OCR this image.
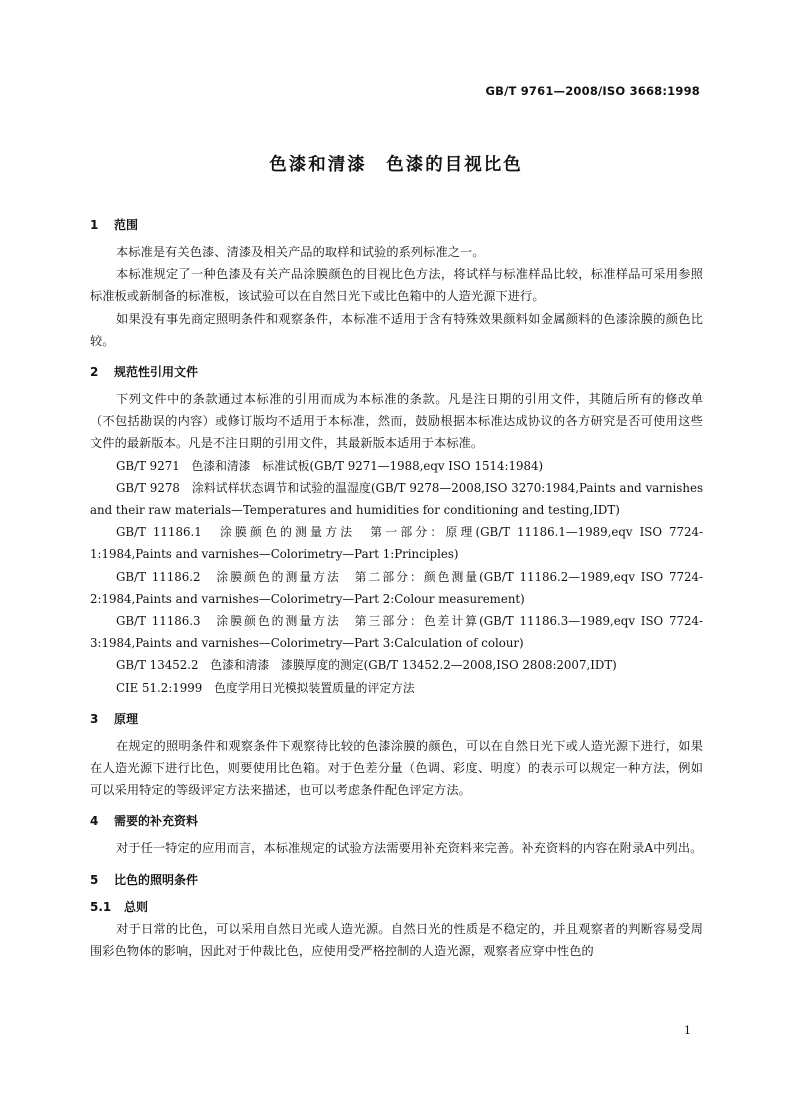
GB/T 9761—2008/ISO 3668:1998
色漆和清漆　色漆的目视比色
1 范围

本标准是有关色漆、清漆及相关产品的取样和试验的系列标准之一。

本标准规定了一种色漆及有关产品涂膜颜色的目视比色方法，将试样与标准样品比较，标准样品可采用参照标准板或新制备的标准板，该试验可以在自然日光下或比色箱中的人造光源下进行。

如果没有事先商定照明条件和观察条件，本标准不适用于含有特殊效果颜料如金属颜料的色漆涂膜的颜色比较。

2 规范性引用文件

下列文件中的条款通过本标准的引用而成为本标准的条款。凡是注日期的引用文件，其随后所有的修改单（不包括勘误的内容）或修订版均不适用于本标准，然而，鼓励根据本标准达成协议的各方研究是否可使用这些文件的最新版本。凡是不注日期的引用文件，其最新版本适用于本标准。

GB/T 9271　色漆和清漆　标准试板(GB/T 9271—1988,eqv ISO 1514:1984)

GB/T 9278　涂料试样状态调节和试验的温湿度(GB/T 9278—2008,ISO 3270:1984,Paints and varnishes and their raw materials—Temperatures and humidities for conditioning and testing,IDT)

GB/T 11186.1　涂膜颜色的测量方法　第一部分：原理(GB/T 11186.1—1989,eqv ISO 7724-1:1984,Paints and varnishes—Colorimetry—Part 1:Principles)

GB/T 11186.2　涂膜颜色的测量方法　第二部分：颜色测量(GB/T 11186.2—1989,eqv ISO 7724-2:1984,Paints and varnishes—Colorimetry—Part 2:Colour measurement)

GB/T 11186.3　涂膜颜色的测量方法　第三部分：色差计算(GB/T 11186.3—1989,eqv ISO 7724-3:1984,Paints and varnishes—Colorimetry—Part 3:Calculation of colour)

GB/T 13452.2　色漆和清漆　漆膜厚度的测定(GB/T 13452.2—2008,ISO 2808:2007,IDT)

CIE 51.2:1999　色度学用日光模拟装置质量的评定方法

3 原理

在规定的照明条件和观察条件下观察待比较的色漆涂膜的颜色，可以在自然日光下或人造光源下进行，如果在人造光源下进行比色，则要使用比色箱。对于色差分量（色调、彩度、明度）的表示可以规定一种方法，例如可以采用特定的等级评定方法来描述，也可以考虑条件配色评定方法。

4 需要的补充资料

对于任一特定的应用而言，本标准规定的试验方法需要用补充资料来完善。补充资料的内容在附录A中列出。

5 比色的照明条件
5.1 总则

对于日常的比色，可以采用自然日光或人造光源。自然日光的性质是不稳定的，并且观察者的判断容易受周围彩色物体的影响，因此对于仲裁比色，应使用受严格控制的人造光源，观察者应穿中性色的

1
